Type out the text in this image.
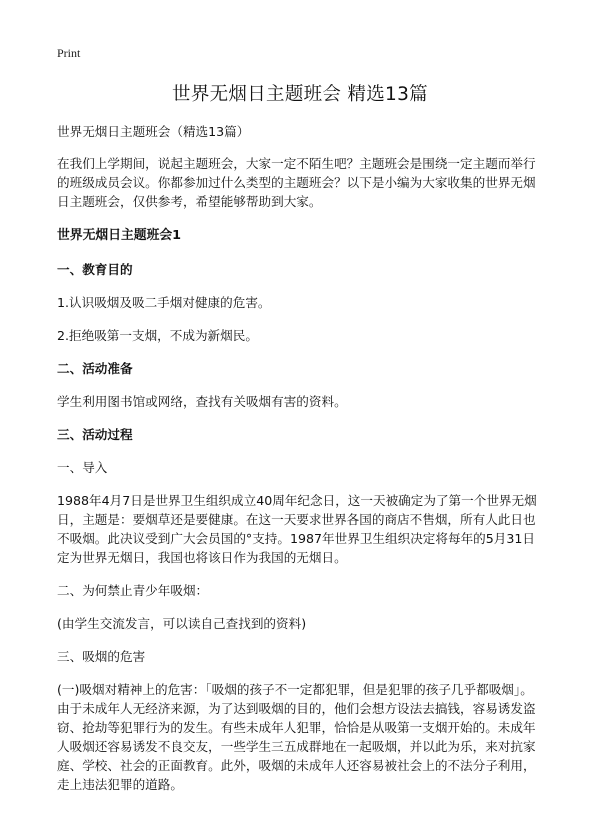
Print
世界无烟日主题班会 精选13篇

世界无烟日主题班会（精选13篇）

在我们上学期间，说起主题班会，大家一定不陌生吧？主题班会是围绕一定主题而举行的班级成员会议。你都参加过什么类型的主题班会？以下是小编为大家收集的世界无烟日主题班会，仅供参考，希望能够帮助到大家。

世界无烟日主题班会1
一、教育目的

1.认识吸烟及吸二手烟对健康的危害。

2.拒绝吸第一支烟，不成为新烟民。

二、活动准备

学生利用图书馆或网络，查找有关吸烟有害的资料。

三、活动过程

一、导入

1988年4月7日是世界卫生组织成立40周年纪念日，这一天被确定为了第一个世界无烟日，主题是：要烟草还是要健康。在这一天要求世界各国的商店不售烟，所有人此日也不吸烟。此决议受到广大会员国的°支持。1987年世界卫生组织决定将每年的5月31日定为世界无烟日，我国也将该日作为我国的无烟日。

二、为何禁止青少年吸烟：

(由学生交流发言，可以读自己查找到的资料)

三、吸烟的危害

(一)吸烟对精神上的危害：「吸烟的孩子不一定都犯罪，但是犯罪的孩子几乎都吸烟」。由于未成年人无经济来源，为了达到吸烟的目的，他们会想方设法去搞钱，容易诱发盗窃、抢劫等犯罪行为的发生。有些未成年人犯罪，恰恰是从吸第一支烟开始的。未成年人吸烟还容易诱发不良交友，一些学生三五成群地在一起吸烟，并以此为乐，来对抗家庭、学校、社会的正面教育。此外，吸烟的未成年人还容易被社会上的不法分子利用，走上违法犯罪的道路。
